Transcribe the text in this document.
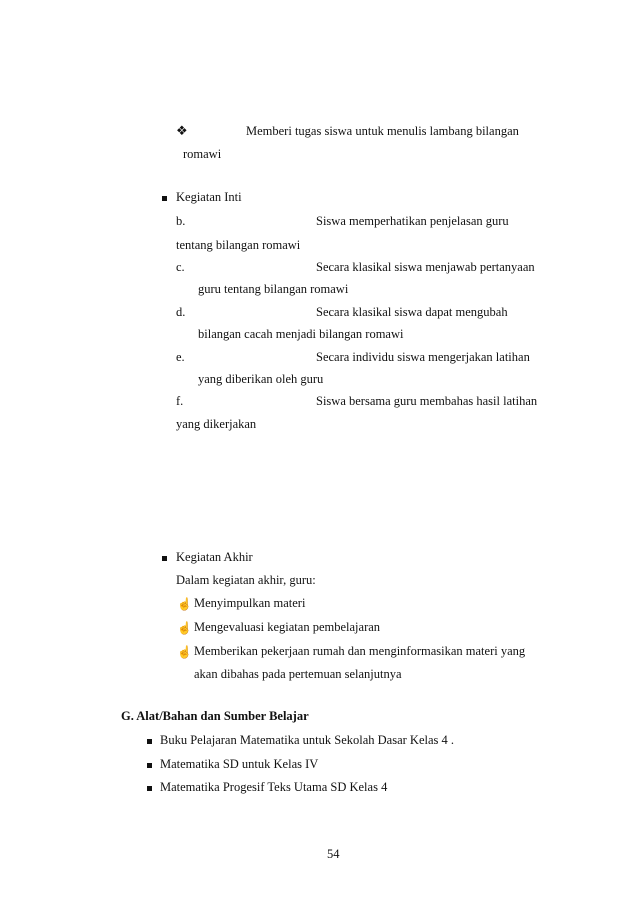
❖	Memberi tugas siswa untuk menulis lambang bilangan
romawi
Kegiatan Inti
b.	Siswa memperhatikan penjelasan guru
tentang bilangan romawi
c.	Secara klasikal siswa menjawab pertanyaan
guru tentang bilangan romawi
d.	Secara klasikal siswa dapat mengubah
bilangan cacah menjadi bilangan romawi
e.	Secara individu siswa mengerjakan latihan
yang diberikan oleh guru
f.	Siswa bersama guru membahas hasil latihan
yang dikerjakan
Kegiatan Akhir
Dalam kegiatan akhir, guru:
☝ Menyimpulkan materi
☝ Mengevaluasi kegiatan pembelajaran
☝ Memberikan pekerjaan rumah dan menginformasikan materi yang
akan dibahas pada pertemuan selanjutnya
G. Alat/Bahan dan Sumber Belajar
Buku Pelajaran Matematika untuk Sekolah Dasar Kelas 4 .
Matematika SD untuk Kelas IV
Matematika Progesif Teks Utama SD Kelas 4
54
